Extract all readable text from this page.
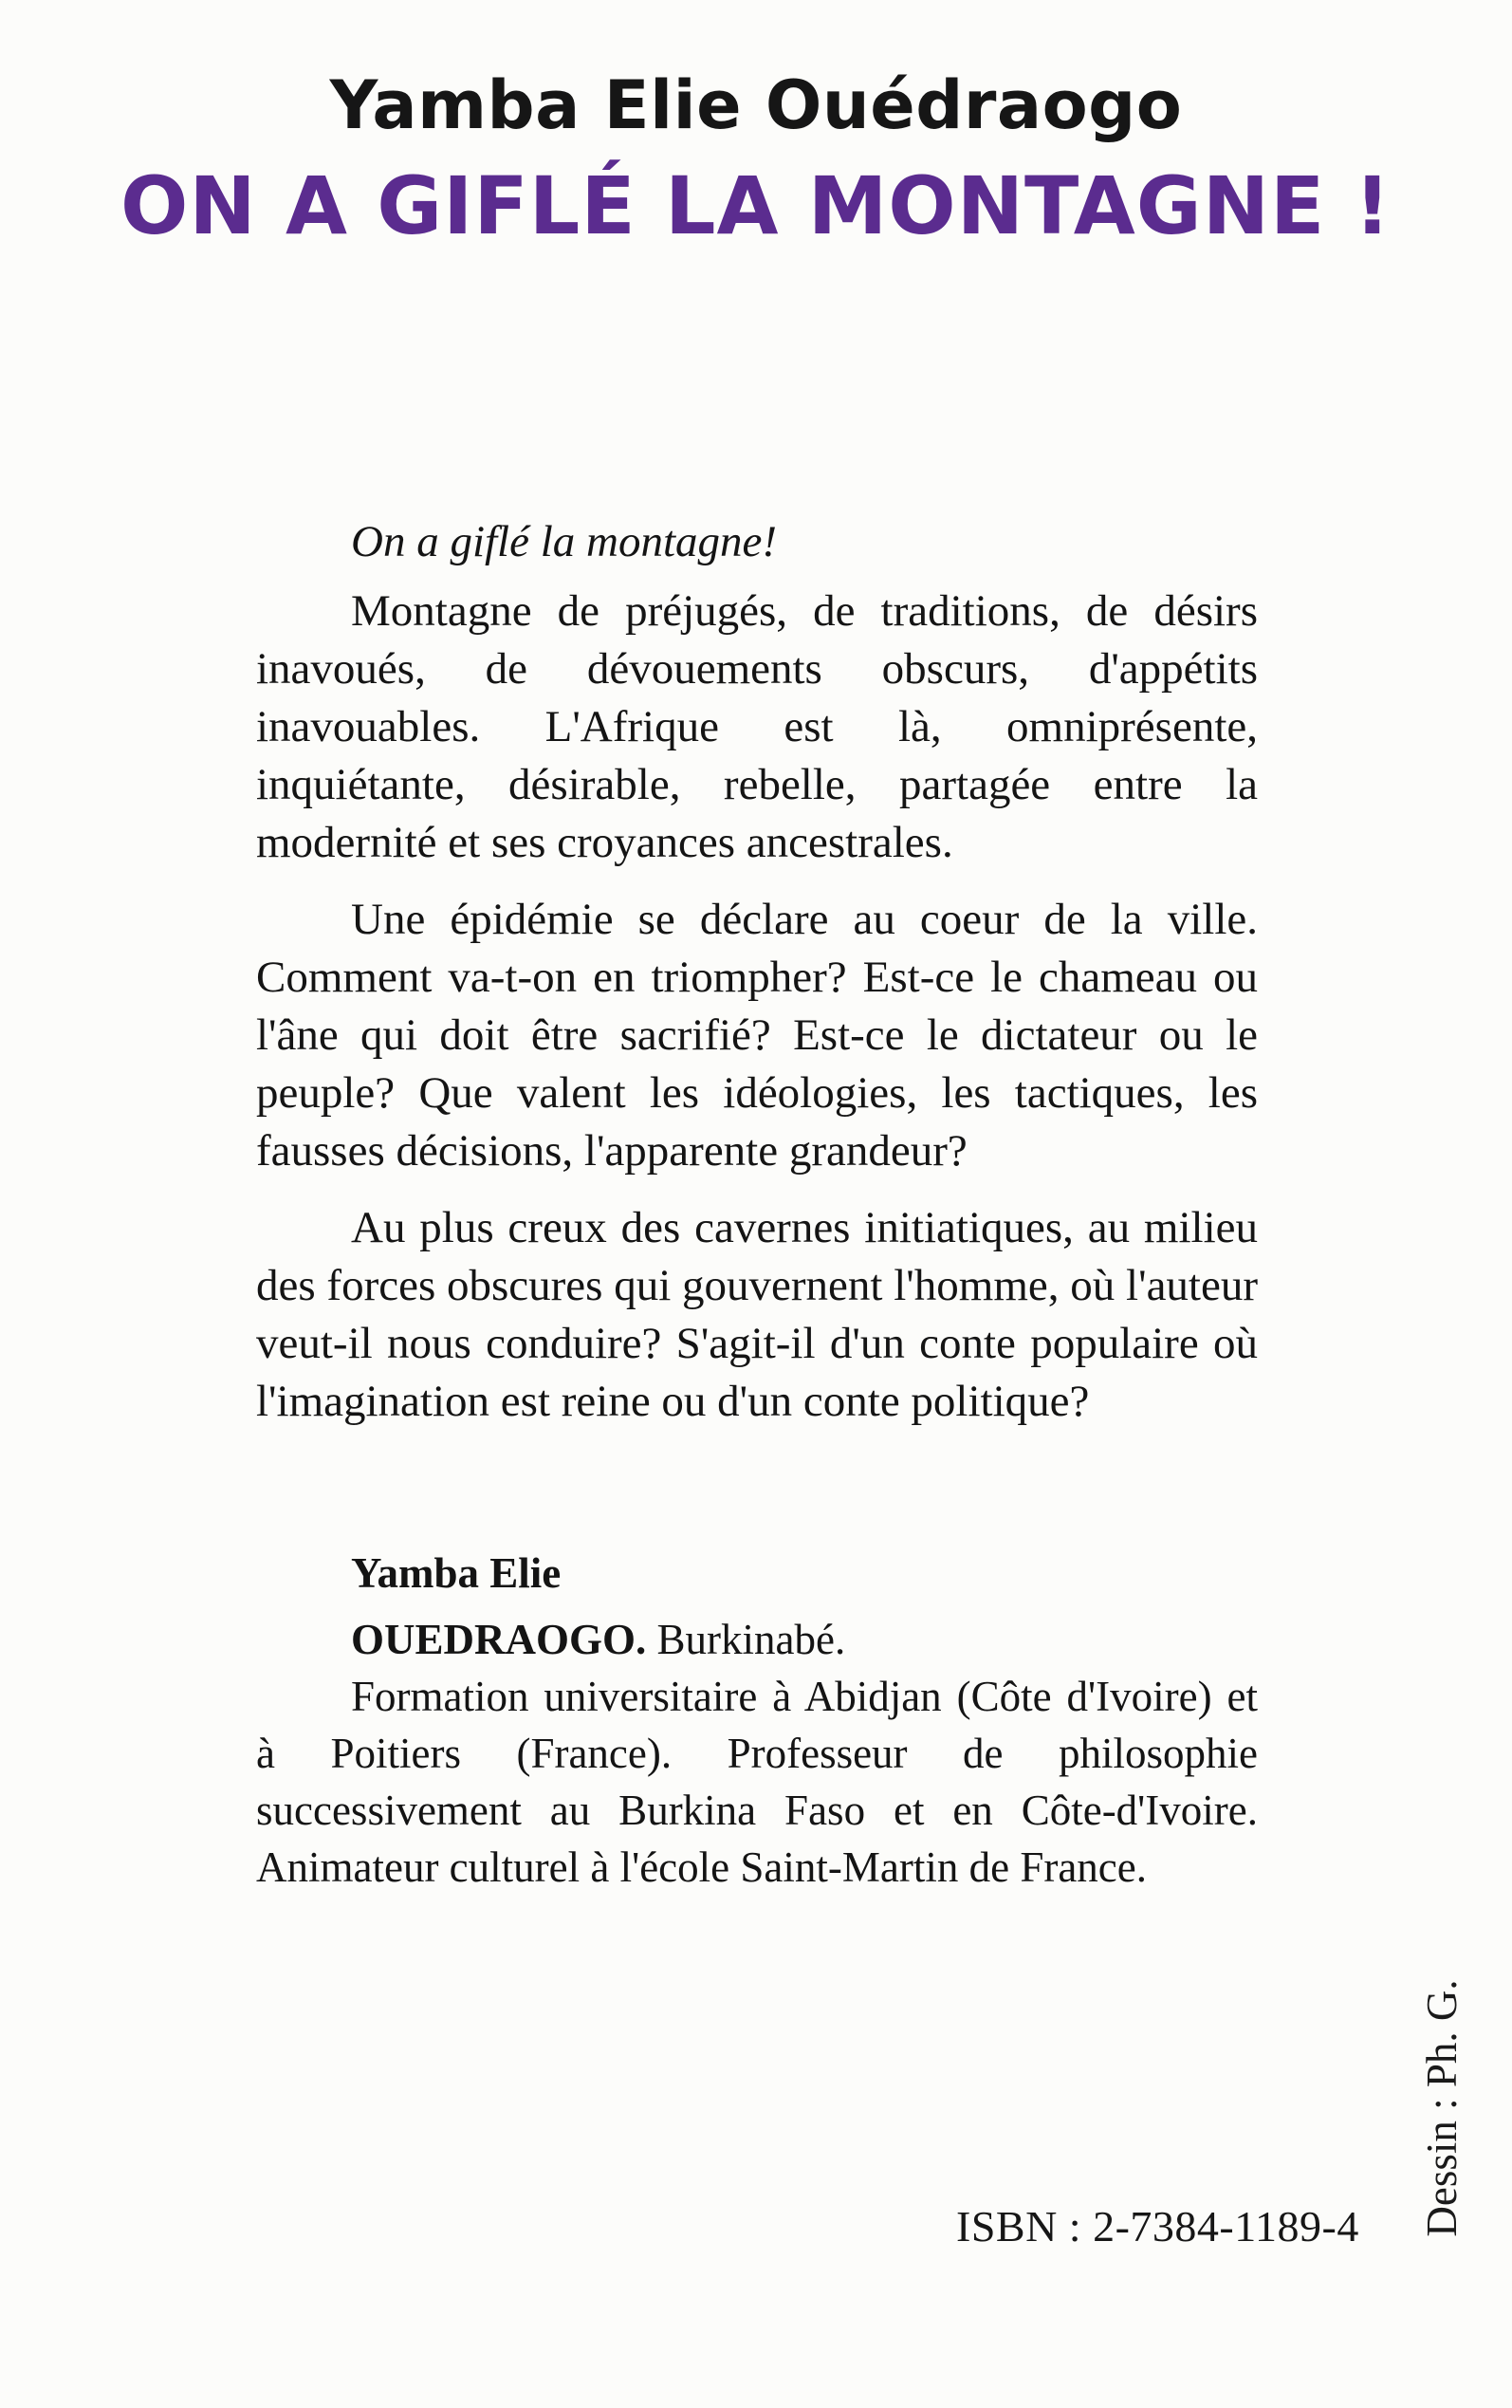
Yamba Elie Ouédraogo
ON A GIFLÉ LA MONTAGNE !

On a giflé la montagne!

Montagne de préjugés, de traditions, de désirs inavoués, de dévouements obscurs, d'appétits inavouables. L'Afrique est là, omniprésente, inquiétante, désirable, rebelle, partagée entre la modernité et ses croyances ancestrales.

Une épidémie se déclare au coeur de la ville. Comment va-t-on en triompher? Est-ce le chameau ou l'âne qui doit être sacrifié? Est-ce le dictateur ou le peuple? Que valent les idéologies, les tactiques, les fausses décisions, l'apparente grandeur?

Au plus creux des cavernes initiatiques, au milieu des forces obscures qui gouvernent l'homme, où l'auteur veut-il nous conduire? S'agit-il d'un conte populaire où l'imagination est reine ou d'un conte politique?

Yamba Elie
OUEDRAOGO. Burkinabé.

Formation universitaire à Abidjan (Côte d'Ivoire) et à Poitiers (France). Professeur de philosophie successivement au Burkina Faso et en Côte-d'Ivoire. Animateur culturel à l'école Saint-Martin de France.

Dessin : Ph. G.
ISBN : 2-7384-1189-4
